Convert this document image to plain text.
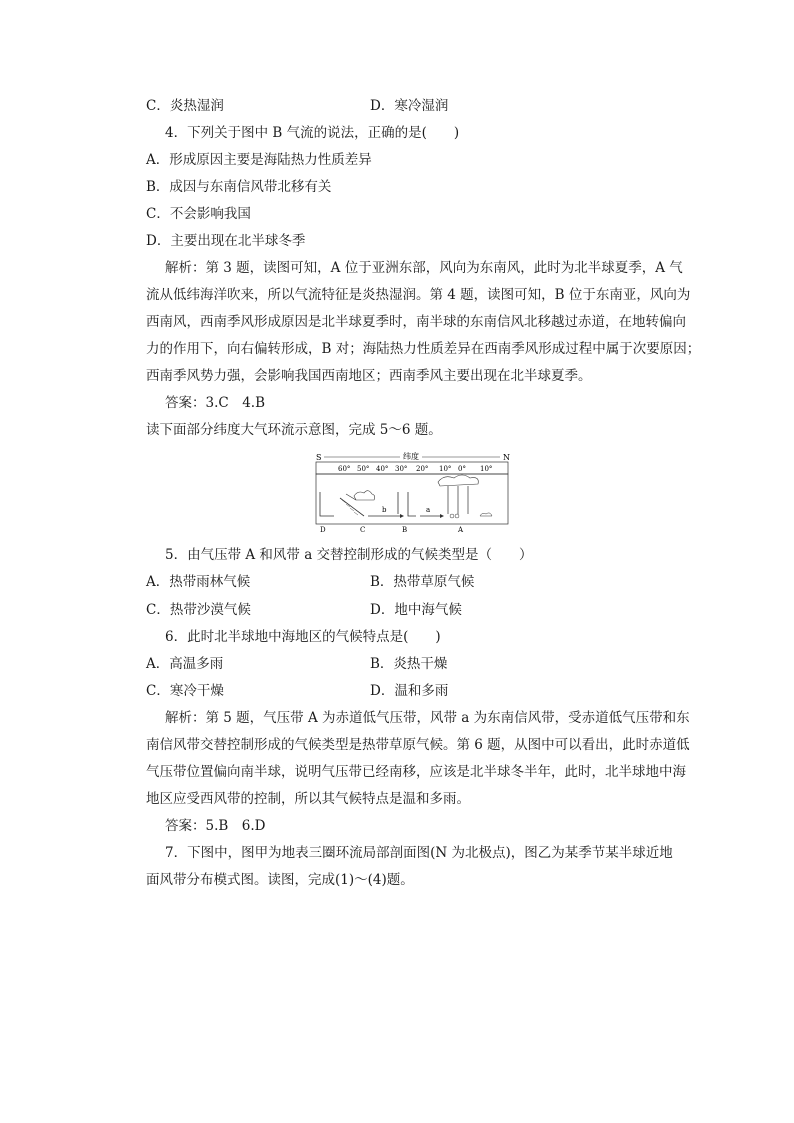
C．炎热湿润	D．寒冷湿润
4．下列关于图中 B 气流的说法，正确的是(　　)
A．形成原因主要是海陆热力性质差异
B．成因与东南信风带北移有关
C．不会影响我国
D．主要出现在北半球冬季
解析：第 3 题，读图可知，A 位于亚洲东部，风向为东南风，此时为北半球夏季，A 气
流从低纬海洋吹来，所以气流特征是炎热湿润。第 4 题，读图可知，B 位于东南亚，风向为
西南风，西南季风形成原因是北半球夏季时，南半球的东南信风北移越过赤道，在地转偏向
力的作用下，向右偏转形成，B 对；海陆热力性质差异在西南季风形成过程中属于次要原因；
西南季风势力强，会影响我国西南地区；西南季风主要出现在北半球夏季。
答案：3.C　4.B
读下面部分纬度大气环流示意图，完成 5～6 题。
S	N
纬度
60° 50° 40° 30° 20° 10° 0° 10°
b	a
D	C	B	A
5．由气压带 A 和风带 a 交替控制形成的气候类型是（　　）
A．热带雨林气候	B．热带草原气候
C．热带沙漠气候	D．地中海气候
6．此时北半球地中海地区的气候特点是(　　)
A．高温多雨	B．炎热干燥
C．寒冷干燥	D．温和多雨
解析：第 5 题，气压带 A 为赤道低气压带，风带 a 为东南信风带，受赤道低气压带和东
南信风带交替控制形成的气候类型是热带草原气候。第 6 题，从图中可以看出，此时赤道低
气压带位置偏向南半球，说明气压带已经南移，应该是北半球冬半年，此时，北半球地中海
地区应受西风带的控制，所以其气候特点是温和多雨。
答案：5.B　6.D
7．下图中，图甲为地表三圈环流局部剖面图(N 为北极点)，图乙为某季节某半球近地
面风带分布模式图。读图，完成(1)～(4)题。
